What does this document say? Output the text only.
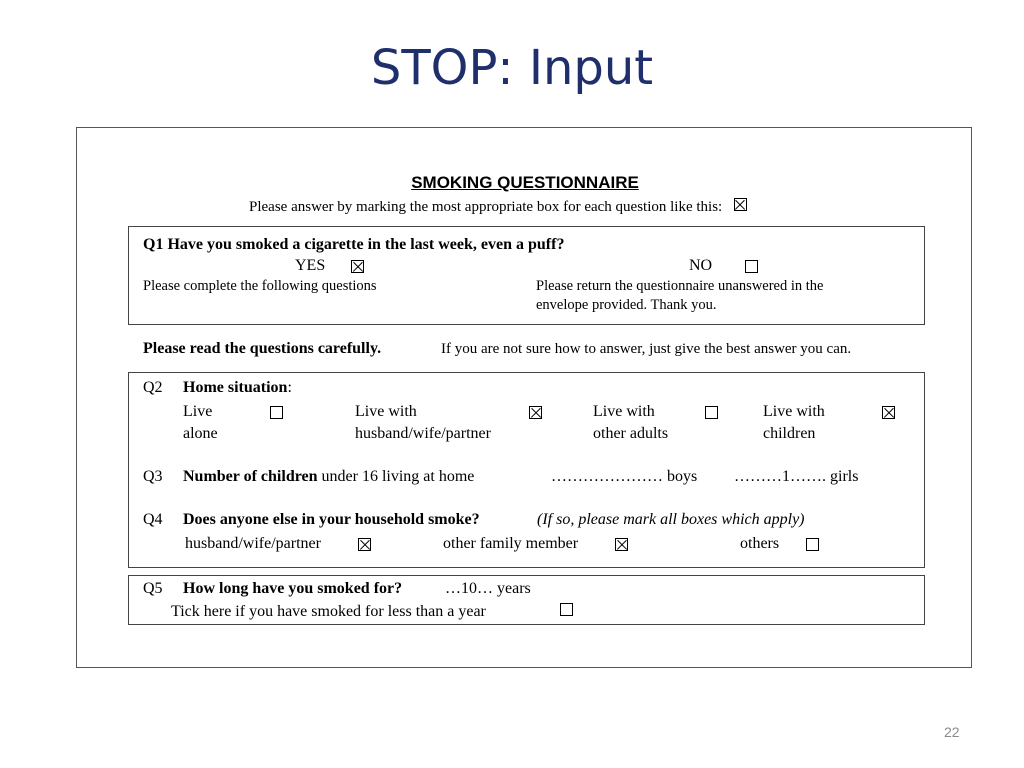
STOP: Input
SMOKING QUESTIONNAIRE
Please answer by marking the most appropriate box for each question like this:
Q1 Have you smoked a cigarette in the last week, even a puff?
YES	NO
Please complete the following questions	Please return the questionnaire unanswered in the
envelope provided. Thank you.
Please read the questions carefully.	If you are not sure how to answer, just give the best answer you can.
Q2 Home situation:
Live
alone
Live with
husband/wife/partner
Live with
other adults
Live with
children
Q3 Number of children under 16 living at home	………………… boys ………1……. girls
Q4 Does anyone else in your household smoke?	(If so, please mark all boxes which apply)
husband/wife/partner	other family member	others
Q5 How long have you smoked for?	…10… years
Tick here if you have smoked for less than a year
22
